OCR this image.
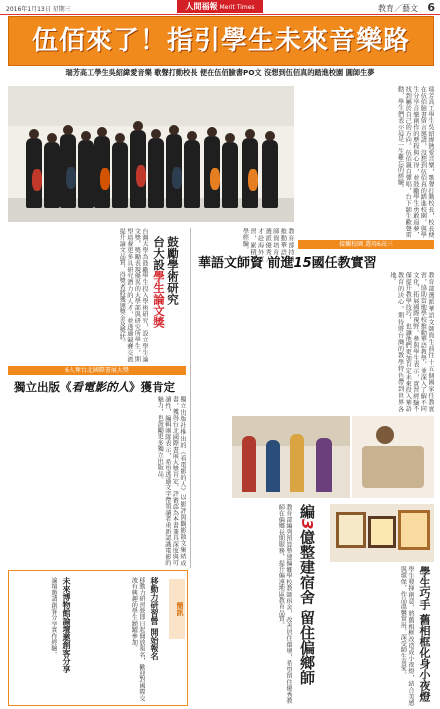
2016年1月13日 星期三	人間福報 Merit Times	教育／藝文 6
伍佰來了！指引學生未來音樂路
瑞芳高工學生吳紹緯愛音樂 歌聲打動校長 便在伍佰臉書PO文 沒想到伍佰真的踏進校園 圓師生夢
瑞芳高工學生吳紹緯熱愛音樂，歌聲打動校長，校長便在伍佰臉書留言邀請，沒想到伍佰真的踏進校園，與學生分享音樂創作的歷程與心得，並鼓勵學生勇敢追夢，找到屬於自己的方向。伍佰親自彈唱，台下師生歡聲雷動，學生們表示這是一生難忘的經驗。
台灣大學為鼓勵學生投入學術研究，設立學生論文獎，獎勵表現優異的大學部與研究所學生，期望培養更多具研究潛力的人才，並透過競賽交流提升論文品質，得獎者將獲頒獎金及獎狀。	鼓勵學術研究
台大設學生論文獎
6人奪台北國際書展大獎
獨立出版《看電影的人》獲肯定
獨立出版社推出的《看電影的人》以影評與觀影散文集結成書，獲得台北國際書展大獎肯定，評審認為本書兼具深度與可讀性，編輯團隊表示，希望透過文字帶領讀者重新認識電影的魅力，也鼓勵更多獨立出版品。
教育部持續推動華語文師資培育，選派優秀人才赴海外實習，累積教學經驗。	接觸校園 選用6高三
華語文師資 前進15國任教實習
教育部選派華語文師資生前往十五個國家任教實習，協助當地學校推動華語教學，並深入了解不同文化，拓展國際視野。參與學生表示，實習經驗不僅提升教學技巧，也讓他們更加肯定未來投入華語教育的決心，期待將台灣的教學特色帶到世界各地。
編3億整建宿舍 留住偏鄉師
教育部編列預算整建偏鄉學校教師宿舍，改善居住環境，希望留住優秀教師在偏鄉長期服務，提升偏遠地區教育品質。	學生巧手 舊相框化身小夜燈
學生發揮創意，將舊相框改造成小夜燈，結合美感與環保，作品溫馨實用，深受師生喜愛。
簡訊
移動力研習營 開始報名
移動力研習營即日起開放報名，歡迎對國際交流有興趣的學生踴躍參加。
未來博物館論壇邀創客分享
論壇邀請創客分享實作經驗。
